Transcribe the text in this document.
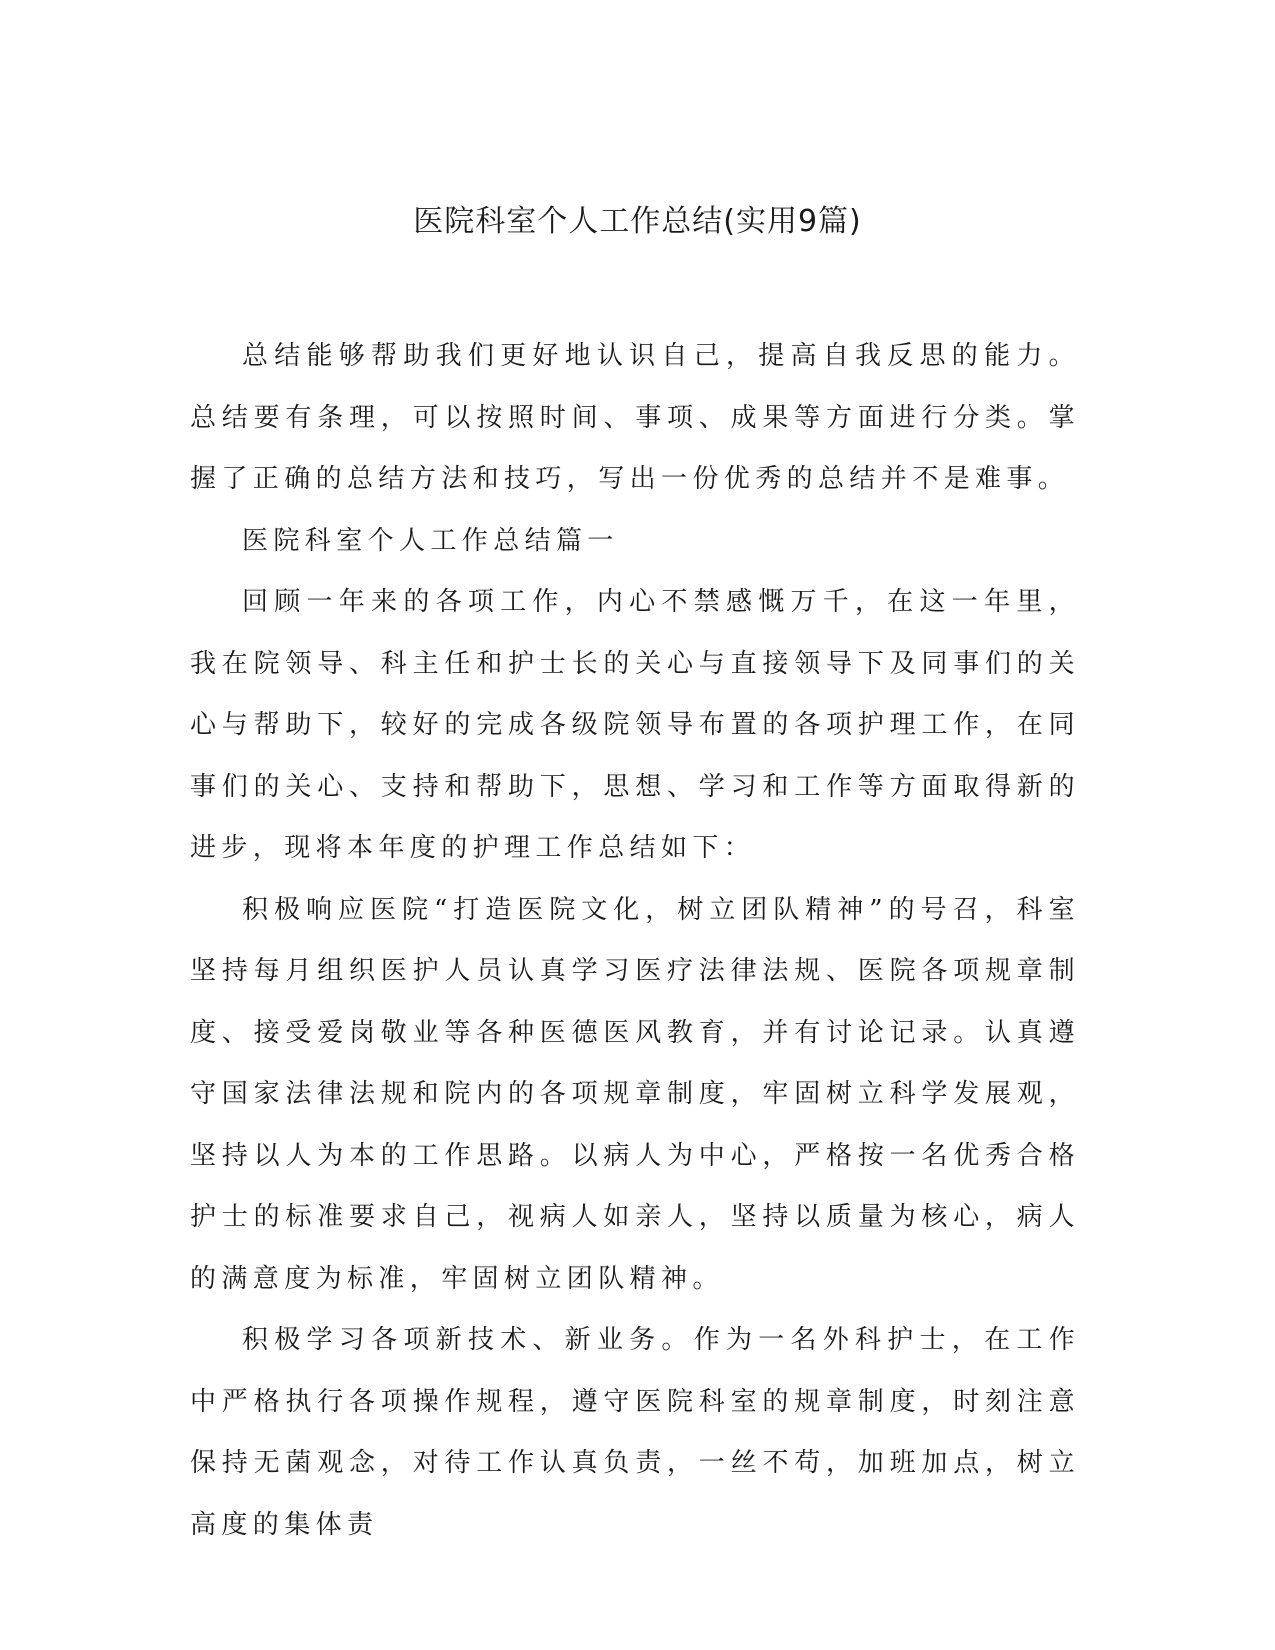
医院科室个人工作总结(实用9篇)

总结能够帮助我们更好地认识自己，提高自我反思的能力。总结要有条理，可以按照时间、事项、成果等方面进行分类。掌握了正确的总结方法和技巧，写出一份优秀的总结并不是难事。

医院科室个人工作总结篇一

回顾一年来的各项工作，内心不禁感慨万千，在这一年里，我在院领导、科主任和护士长的关心与直接领导下及同事们的关心与帮助下，较好的完成各级院领导布置的各项护理工作，在同事们的关心、支持和帮助下，思想、学习和工作等方面取得新的进步，现将本年度的护理工作总结如下：

积极响应医院“打造医院文化，树立团队精神”的号召，科室坚持每月组织医护人员认真学习医疗法律法规、医院各项规章制度、接受爱岗敬业等各种医德医风教育，并有讨论记录。认真遵守国家法律法规和院内的各项规章制度，牢固树立科学发展观，坚持以人为本的工作思路。以病人为中心，严格按一名优秀合格护士的标准要求自己，视病人如亲人，坚持以质量为核心，病人的满意度为标准，牢固树立团队精神。

积极学习各项新技术、新业务。作为一名外科护士，在工作中严格执行各项操作规程，遵守医院科室的规章制度，时刻注意保持无菌观念，对待工作认真负责，一丝不苟，加班加点，树立高度的集体责
